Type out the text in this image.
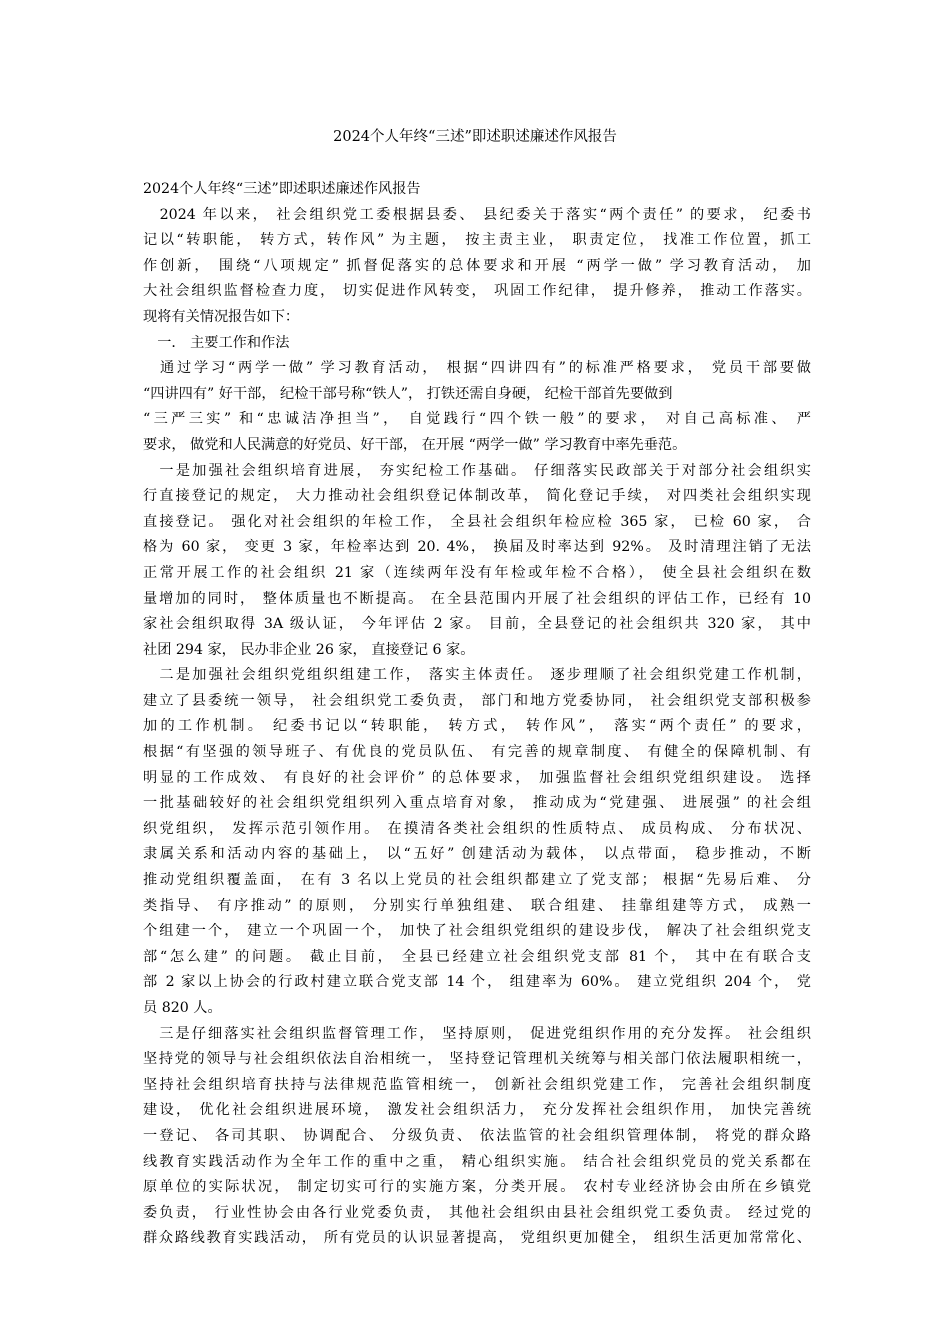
2024个人年终“三述”即述职述廉述作风报告
2024个人年终“三述”即述职述廉述作风报告
　2024 年以来， 社会组织党工委根据县委、 县纪委关于落实“两个责任” 的要求， 纪委书
记以“转职能， 转方式，转作风” 为主题， 按主责主业， 职责定位， 找准工作位置，抓工
作创新， 围绕“八项规定” 抓督促落实的总体要求和开展 “两学一做” 学习教育活动， 加
大社会组织监督检查力度， 切实促进作风转变， 巩固工作纪律， 提升修养， 推动工作落实。
现将有关情况报告如下：
　一． 主要工作和作法
　通过学习“两学一做” 学习教育活动， 根据“四讲四有”的标准严格要求， 党员干部要做
“四讲四有” 好干部， 纪检干部号称“铁人”， 打铁还需自身硬， 纪检干部首先要做到
“三严三实” 和“忠诚洁净担当”， 自觉践行“四个铁一般”的要求， 对自己高标准、 严
要求， 做党和人民满意的好党员、好干部， 在开展 “两学一做” 学习教育中率先垂范。
　一是加强社会组织培育进展， 夯实纪检工作基础。 仔细落实民政部关于对部分社会组织实
行直接登记的规定， 大力推动社会组织登记体制改革， 简化登记手续， 对四类社会组织实现
直接登记。 强化对社会组织的年检工作， 全县社会组织年检应检 365 家， 已检 60 家， 合
格为 60 家， 变更 3 家，年检率达到 20. 4%， 换届及时率达到 92%。 及时清理注销了无法
正常开展工作的社会组织 21 家（连续两年没有年检或年检不合格）， 使全县社会组织在数
量增加的同时， 整体质量也不断提高。 在全县范围内开展了社会组织的评估工作，已经有 10
家社会组织取得 3A 级认证， 今年评估 2 家。 目前，全县登记的社会组织共 320 家， 其中
社团 294 家， 民办非企业 26 家， 直接登记 6 家。
　二是加强社会组织党组织组建工作， 落实主体责任。 逐步理顺了社会组织党建工作机制，
建立了县委统一领导， 社会组织党工委负责， 部门和地方党委协同， 社会组织党支部积极参
加的工作机制。 纪委书记以“转职能， 转方式， 转作风”， 落实“两个责任” 的要求，
根据“有坚强的领导班子、有优良的党员队伍、 有完善的规章制度、 有健全的保障机制、有
明显的工作成效、 有良好的社会评价” 的总体要求， 加强监督社会组织党组织建设。 选择
一批基础较好的社会组织党组织列入重点培育对象， 推动成为“党建强、 进展强” 的社会组
织党组织， 发挥示范引领作用。 在摸清各类社会组织的性质特点、 成员构成、 分布状况、
隶属关系和活动内容的基础上， 以“五好” 创建活动为载体， 以点带面， 稳步推动，不断
推动党组织覆盖面， 在有 3 名以上党员的社会组织都建立了党支部； 根据“先易后难、 分
类指导、 有序推动” 的原则， 分别实行单独组建、 联合组建、 挂靠组建等方式， 成熟一
个组建一个， 建立一个巩固一个， 加快了社会组织党组织的建设步伐， 解决了社会组织党支
部“怎么建” 的问题。 截止目前， 全县已经建立社会组织党支部 81 个， 其中在有联合支
部 2 家以上协会的行政村建立联合党支部 14 个， 组建率为 60%。 建立党组织 204 个， 党
员 820 人。
　三是仔细落实社会组织监督管理工作， 坚持原则， 促进党组织作用的充分发挥。 社会组织
坚持党的领导与社会组织依法自治相统一， 坚持登记管理机关统筹与相关部门依法履职相统一，
坚持社会组织培育扶持与法律规范监管相统一， 创新社会组织党建工作， 完善社会组织制度
建设， 优化社会组织进展环境， 激发社会组织活力， 充分发挥社会组织作用， 加快完善统
一登记、 各司其职、 协调配合、 分级负责、 依法监管的社会组织管理体制， 将党的群众路
线教育实践活动作为全年工作的重中之重， 精心组织实施。 结合社会组织党员的党关系都在
原单位的实际状况， 制定切实可行的实施方案，分类开展。 农村专业经济协会由所在乡镇党
委负责， 行业性协会由各行业党委负责， 其他社会组织由县社会组织党工委负责。 经过党的
群众路线教育实践活动， 所有党员的认识显著提高， 党组织更加健全， 组织生活更加常常化、
